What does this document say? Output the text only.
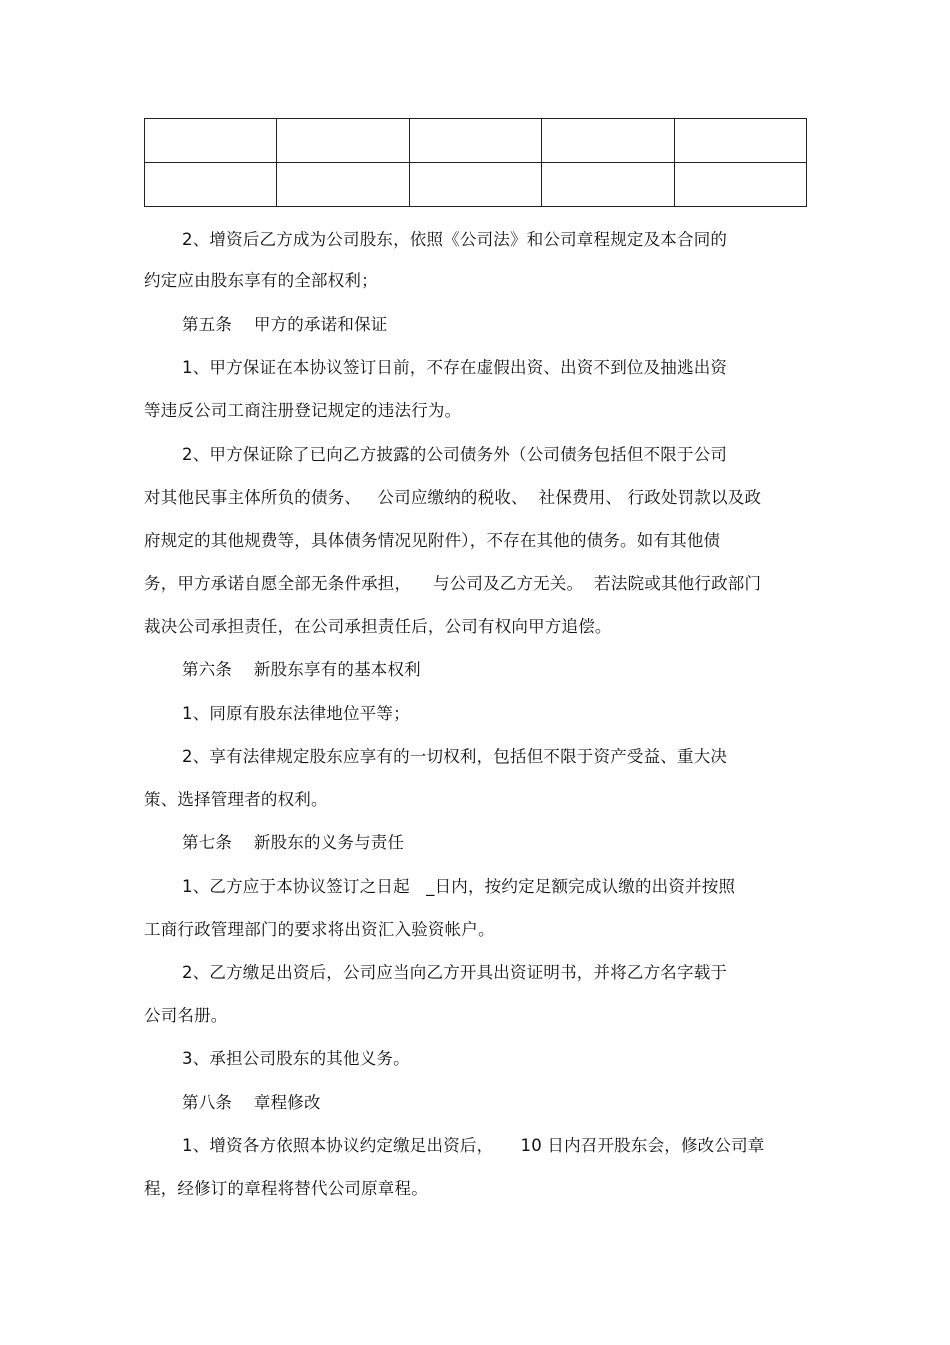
2、增资后乙方成为公司股东，依照《公司法》和公司章程规定及本合同的
约定应由股东享有的全部权利；
第五条    甲方的承诺和保证
1、甲方保证在本协议签订日前，不存在虚假出资、出资不到位及抽逃出资
等违反公司工商注册登记规定的违法行为。
2、甲方保证除了已向乙方披露的公司债务外（公司债务包括但不限于公司
对其他民事主体所负的债务、   公司应缴纳的税收、  社保费用、 行政处罚款以及政
府规定的其他规费等，具体债务情况见附件），不存在其他的债务。如有其他债
务，甲方承诺自愿全部无条件承担，    与公司及乙方无关。  若法院或其他行政部门
裁决公司承担责任，在公司承担责任后，公司有权向甲方追偿。
第六条    新股东享有的基本权利
1、同原有股东法律地位平等；
2、享有法律规定股东应享有的一切权利，包括但不限于资产受益、重大决
策、选择管理者的权利。
第七条    新股东的义务与责任
1、乙方应于本协议签订之日起   _日内，按约定足额完成认缴的出资并按照
工商行政管理部门的要求将出资汇入验资帐户。
2、乙方缴足出资后，公司应当向乙方开具出资证明书，并将乙方名字载于
公司名册。
3、承担公司股东的其他义务。
第八条    章程修改
1、增资各方依照本协议约定缴足出资后，     10 日内召开股东会，修改公司章
程，经修订的章程将替代公司原章程。
